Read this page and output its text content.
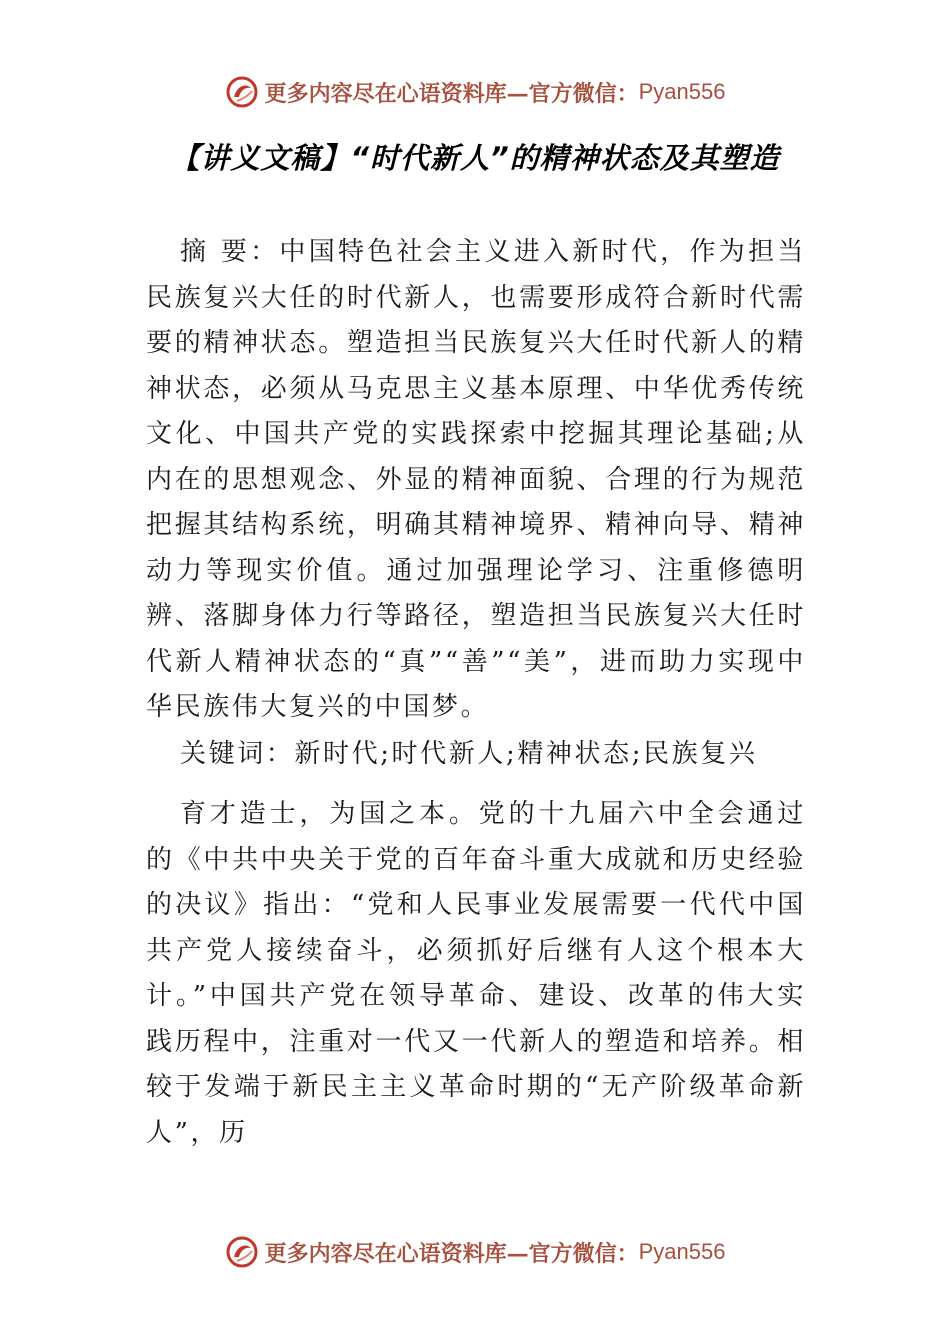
更多内容尽在心语资料库—官方微信： Pyan556
【讲义文稿】“时代新人”的精神状态及其塑造

摘 要：中国特色社会主义进入新时代，作为担当民族复兴大任的时代新人，也需要形成符合新时代需要的精神状态。塑造担当民族复兴大任时代新人的精神状态，必须从马克思主义基本原理、中华优秀传统文化、中国共产党的实践探索中挖掘其理论基础;从内在的思想观念、外显的精神面貌、合理的行为规范把握其结构系统，明确其精神境界、精神向导、精神动力等现实价值。通过加强理论学习、注重修德明辨、落脚身体力行等路径，塑造担当民族复兴大任时代新人精神状态的“真”“善”“美”，进而助力实现中华民族伟大复兴的中国梦。

关键词：新时代;时代新人;精神状态;民族复兴

育才造士，为国之本。党的十九届六中全会通过的《中共中央关于党的百年奋斗重大成就和历史经验的决议》指出：“党和人民事业发展需要一代代中国共产党人接续奋斗，必须抓好后继有人这个根本大计。”中国共产党在领导革命、建设、改革的伟大实践历程中，注重对一代又一代新人的塑造和培养。相较于发端于新民主主义革命时期的“无产阶级革命新人”，历

更多内容尽在心语资料库—官方微信： Pyan556
